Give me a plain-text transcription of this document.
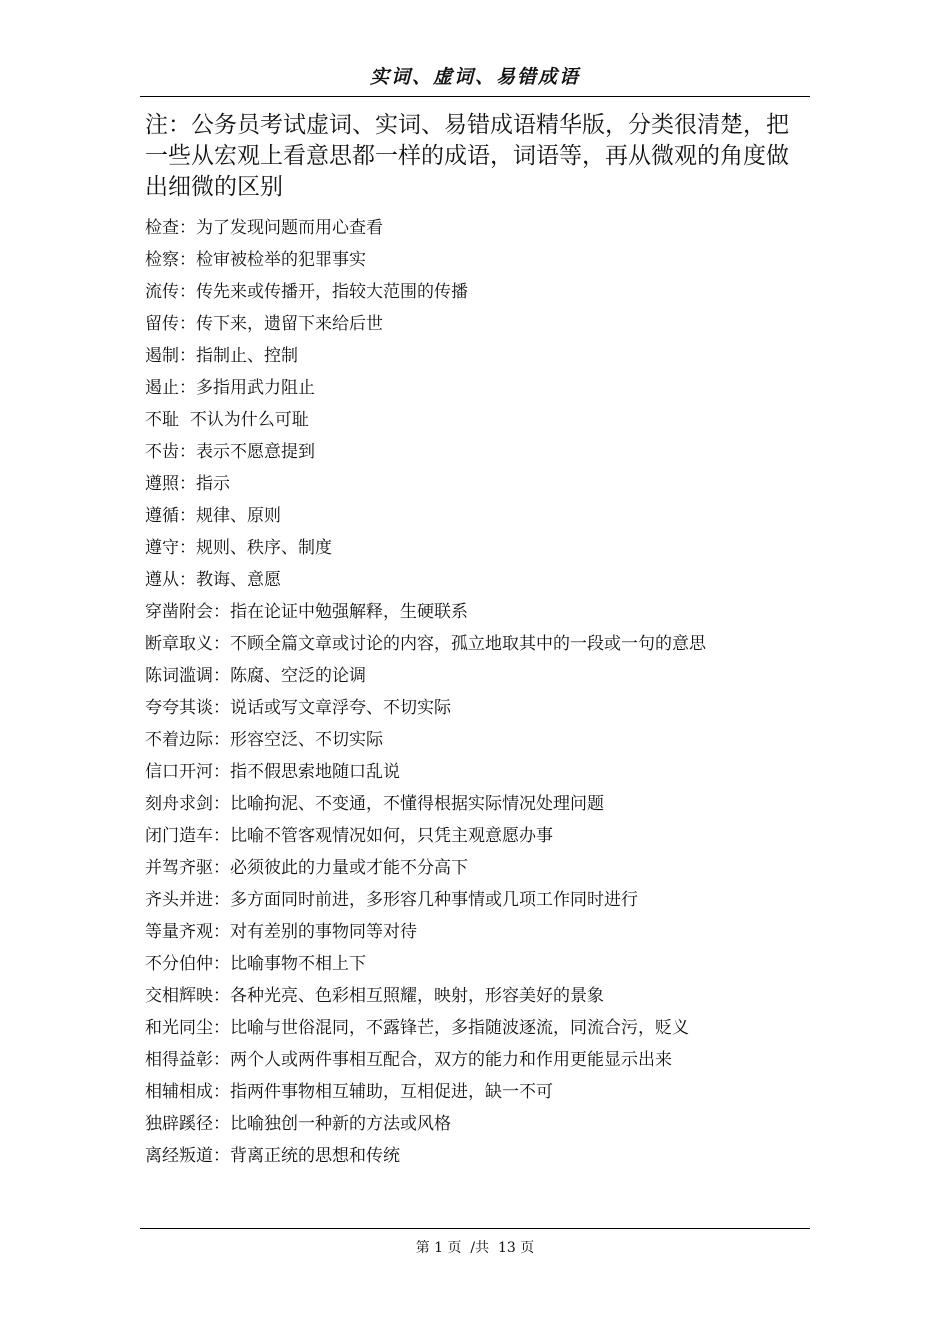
实词、虚词、易错成语

注：公务员考试虚词、实词、易错成语精华版，分类很清楚，把一些从宏观上看意思都一样的成语，词语等，再从微观的角度做出细微的区别

检查：为了发现问题而用心查看
检察：检审被检举的犯罪事实
流传：传先来或传播开，指较大范围的传播
留传：传下来，遗留下来给后世
遏制：指制止、控制
遏止：多指用武力阻止
不耻  不认为什么可耻
不齿：表示不愿意提到
遵照：指示
遵循：规律、原则
遵守：规则、秩序、制度
遵从：教诲、意愿
穿凿附会：指在论证中勉强解释，生硬联系
断章取义：不顾全篇文章或讨论的内容，孤立地取其中的一段或一句的意思
陈词滥调：陈腐、空泛的论调
夸夸其谈：说话或写文章浮夸、不切实际
不着边际：形容空泛、不切实际
信口开河：指不假思索地随口乱说
刻舟求剑：比喻拘泥、不变通，不懂得根据实际情况处理问题
闭门造车：比喻不管客观情况如何，只凭主观意愿办事
并驾齐驱：必须彼此的力量或才能不分高下
齐头并进：多方面同时前进，多形容几种事情或几项工作同时进行
等量齐观：对有差别的事物同等对待
不分伯仲：比喻事物不相上下
交相辉映：各种光亮、色彩相互照耀，映射，形容美好的景象
和光同尘：比喻与世俗混同，不露锋芒，多指随波逐流，同流合污，贬义
相得益彰：两个人或两件事相互配合，双方的能力和作用更能显示出来
相辅相成：指两件事物相互辅助，互相促进，缺一不可
独辟蹊径：比喻独创一种新的方法或风格
离经叛道：背离正统的思想和传统
第 1 页  /共  13 页
